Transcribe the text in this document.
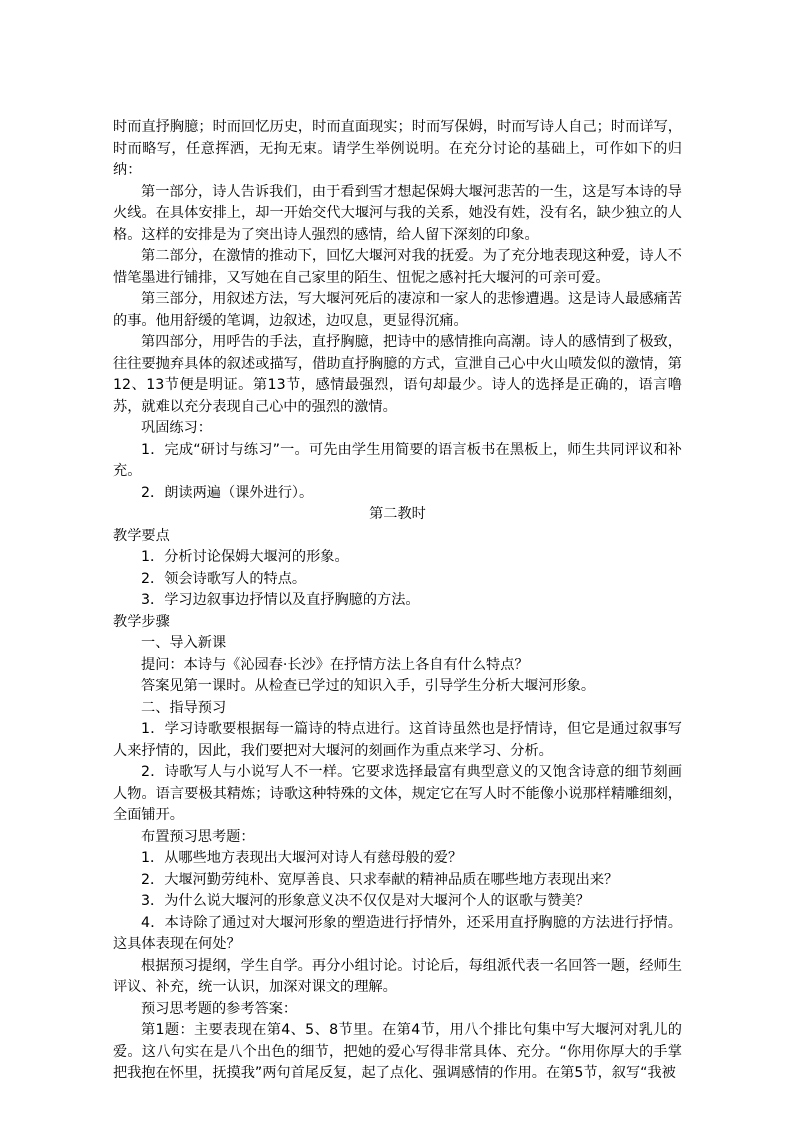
时而直抒胸臆；时而回忆历史，时而直面现实；时而写保姆，时而写诗人自己；时而详写，时而略写，任意挥洒，无拘无束。请学生举例说明。在充分讨论的基础上，可作如下的归纳：

第一部分，诗人告诉我们，由于看到雪才想起保姆大堰河悲苦的一生，这是写本诗的导火线。在具体安排上，却一开始交代大堰河与我的关系，她没有姓，没有名，缺少独立的人格。这样的安排是为了突出诗人强烈的感情，给人留下深刻的印象。

第二部分，在激情的推动下，回忆大堰河对我的抚爱。为了充分地表现这种爱，诗人不惜笔墨进行铺排，又写她在自己家里的陌生、忸怩之感衬托大堰河的可亲可爱。

第三部分，用叙述方法，写大堰河死后的凄凉和一家人的悲惨遭遇。这是诗人最感痛苦的事。他用舒缓的笔调，边叙述，边叹息，更显得沉痛。

第四部分，用呼告的手法，直抒胸臆，把诗中的感情推向高潮。诗人的感情到了极致，往往要抛弃具体的叙述或描写，借助直抒胸臆的方式，宣泄自己心中火山喷发似的激情，第12、13节便是明证。第13节，感情最强烈，语句却最少。诗人的选择是正确的，语言噜苏，就难以充分表现自己心中的强烈的激情。

巩固练习：

1．完成“研讨与练习”一。可先由学生用简要的语言板书在黑板上，师生共同评议和补充。

2．朗读两遍（课外进行）。

第二教时

教学要点

1．分析讨论保姆大堰河的形象。

2．领会诗歌写人的特点。

3．学习边叙事边抒情以及直抒胸臆的方法。

教学步骤

一、导入新课

提问：本诗与《沁园春·长沙》在抒情方法上各自有什么特点？

答案见第一课时。从检查已学过的知识入手，引导学生分析大堰河形象。

二、指导预习

1．学习诗歌要根据每一篇诗的特点进行。这首诗虽然也是抒情诗，但它是通过叙事写人来抒情的，因此，我们要把对大堰河的刻画作为重点来学习、分析。

2．诗歌写人与小说写人不一样。它要求选择最富有典型意义的又饱含诗意的细节刻画人物。语言要极其精炼；诗歌这种特殊的文体，规定它在写人时不能像小说那样精雕细刻，全面铺开。

布置预习思考题：

1．从哪些地方表现出大堰河对诗人有慈母般的爱？

2．大堰河勤劳纯朴、宽厚善良、只求奉献的精神品质在哪些地方表现出来？

3．为什么说大堰河的形象意义决不仅仅是对大堰河个人的讴歌与赞美？

4．本诗除了通过对大堰河形象的塑造进行抒情外，还采用直抒胸臆的方法进行抒情。这具体表现在何处？

根据预习提纲，学生自学。再分小组讨论。讨论后，每组派代表一名回答一题，经师生评议、补充，统一认识，加深对课文的理解。

预习思考题的参考答案：

第1题：主要表现在第4、5、8节里。在第4节，用八个排比句集中写大堰河对乳儿的爱。这八句实在是八个出色的细节，把她的爱心写得非常具体、充分。“你用你厚大的手掌把我抱在怀里，抚摸我”两句首尾反复，起了点化、强调感情的作用。在第5节，叙写“我被
